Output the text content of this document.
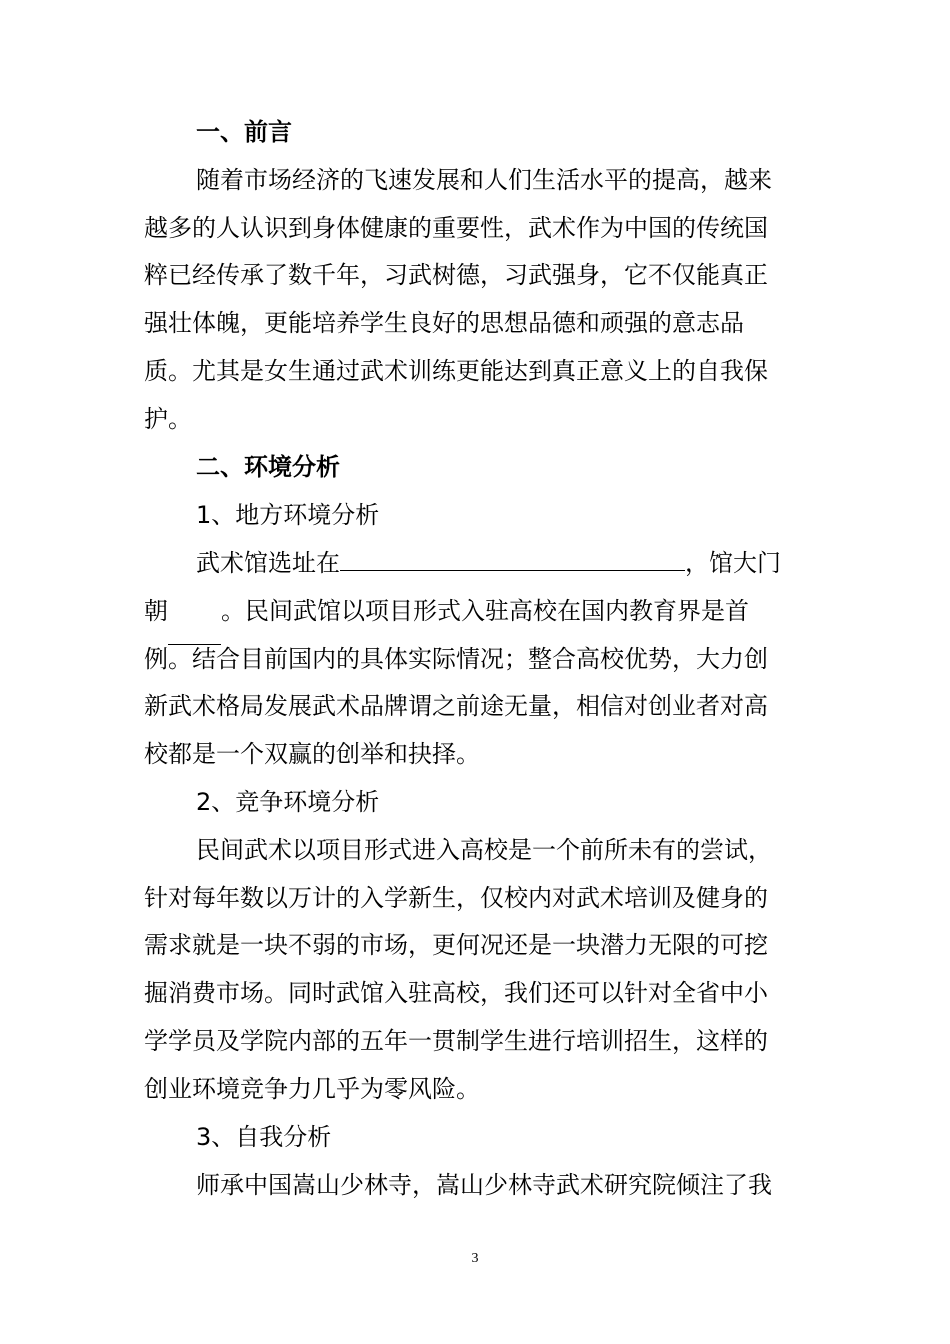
一、前言
随着市场经济的飞速发展和人们生活水平的提高，越来
越多的人认识到身体健康的重要性，武术作为中国的传统国
粹已经传承了数千年，习武树德，习武强身，它不仅能真正
强壮体魄，更能培养学生良好的思想品德和顽强的意志品
质。尤其是女生通过武术训练更能达到真正意义上的自我保
护。
二、环境分析
1、地方环境分析
武术馆选址在	，馆大门
朝 。民间武馆以项目形式入驻高校在国内教育界是首
例。结合目前国内的具体实际情况；整合高校优势，大力创
新武术格局发展武术品牌谓之前途无量，相信对创业者对高
校都是一个双赢的创举和抉择。
2、竞争环境分析
民间武术以项目形式进入高校是一个前所未有的尝试，
针对每年数以万计的入学新生，仅校内对武术培训及健身的
需求就是一块不弱的市场，更何况还是一块潜力无限的可挖
掘消费市场。同时武馆入驻高校，我们还可以针对全省中小
学学员及学院内部的五年一贯制学生进行培训招生，这样的
创业环境竞争力几乎为零风险。
3、自我分析
师承中国嵩山少林寺，嵩山少林寺武术研究院倾注了我
3
